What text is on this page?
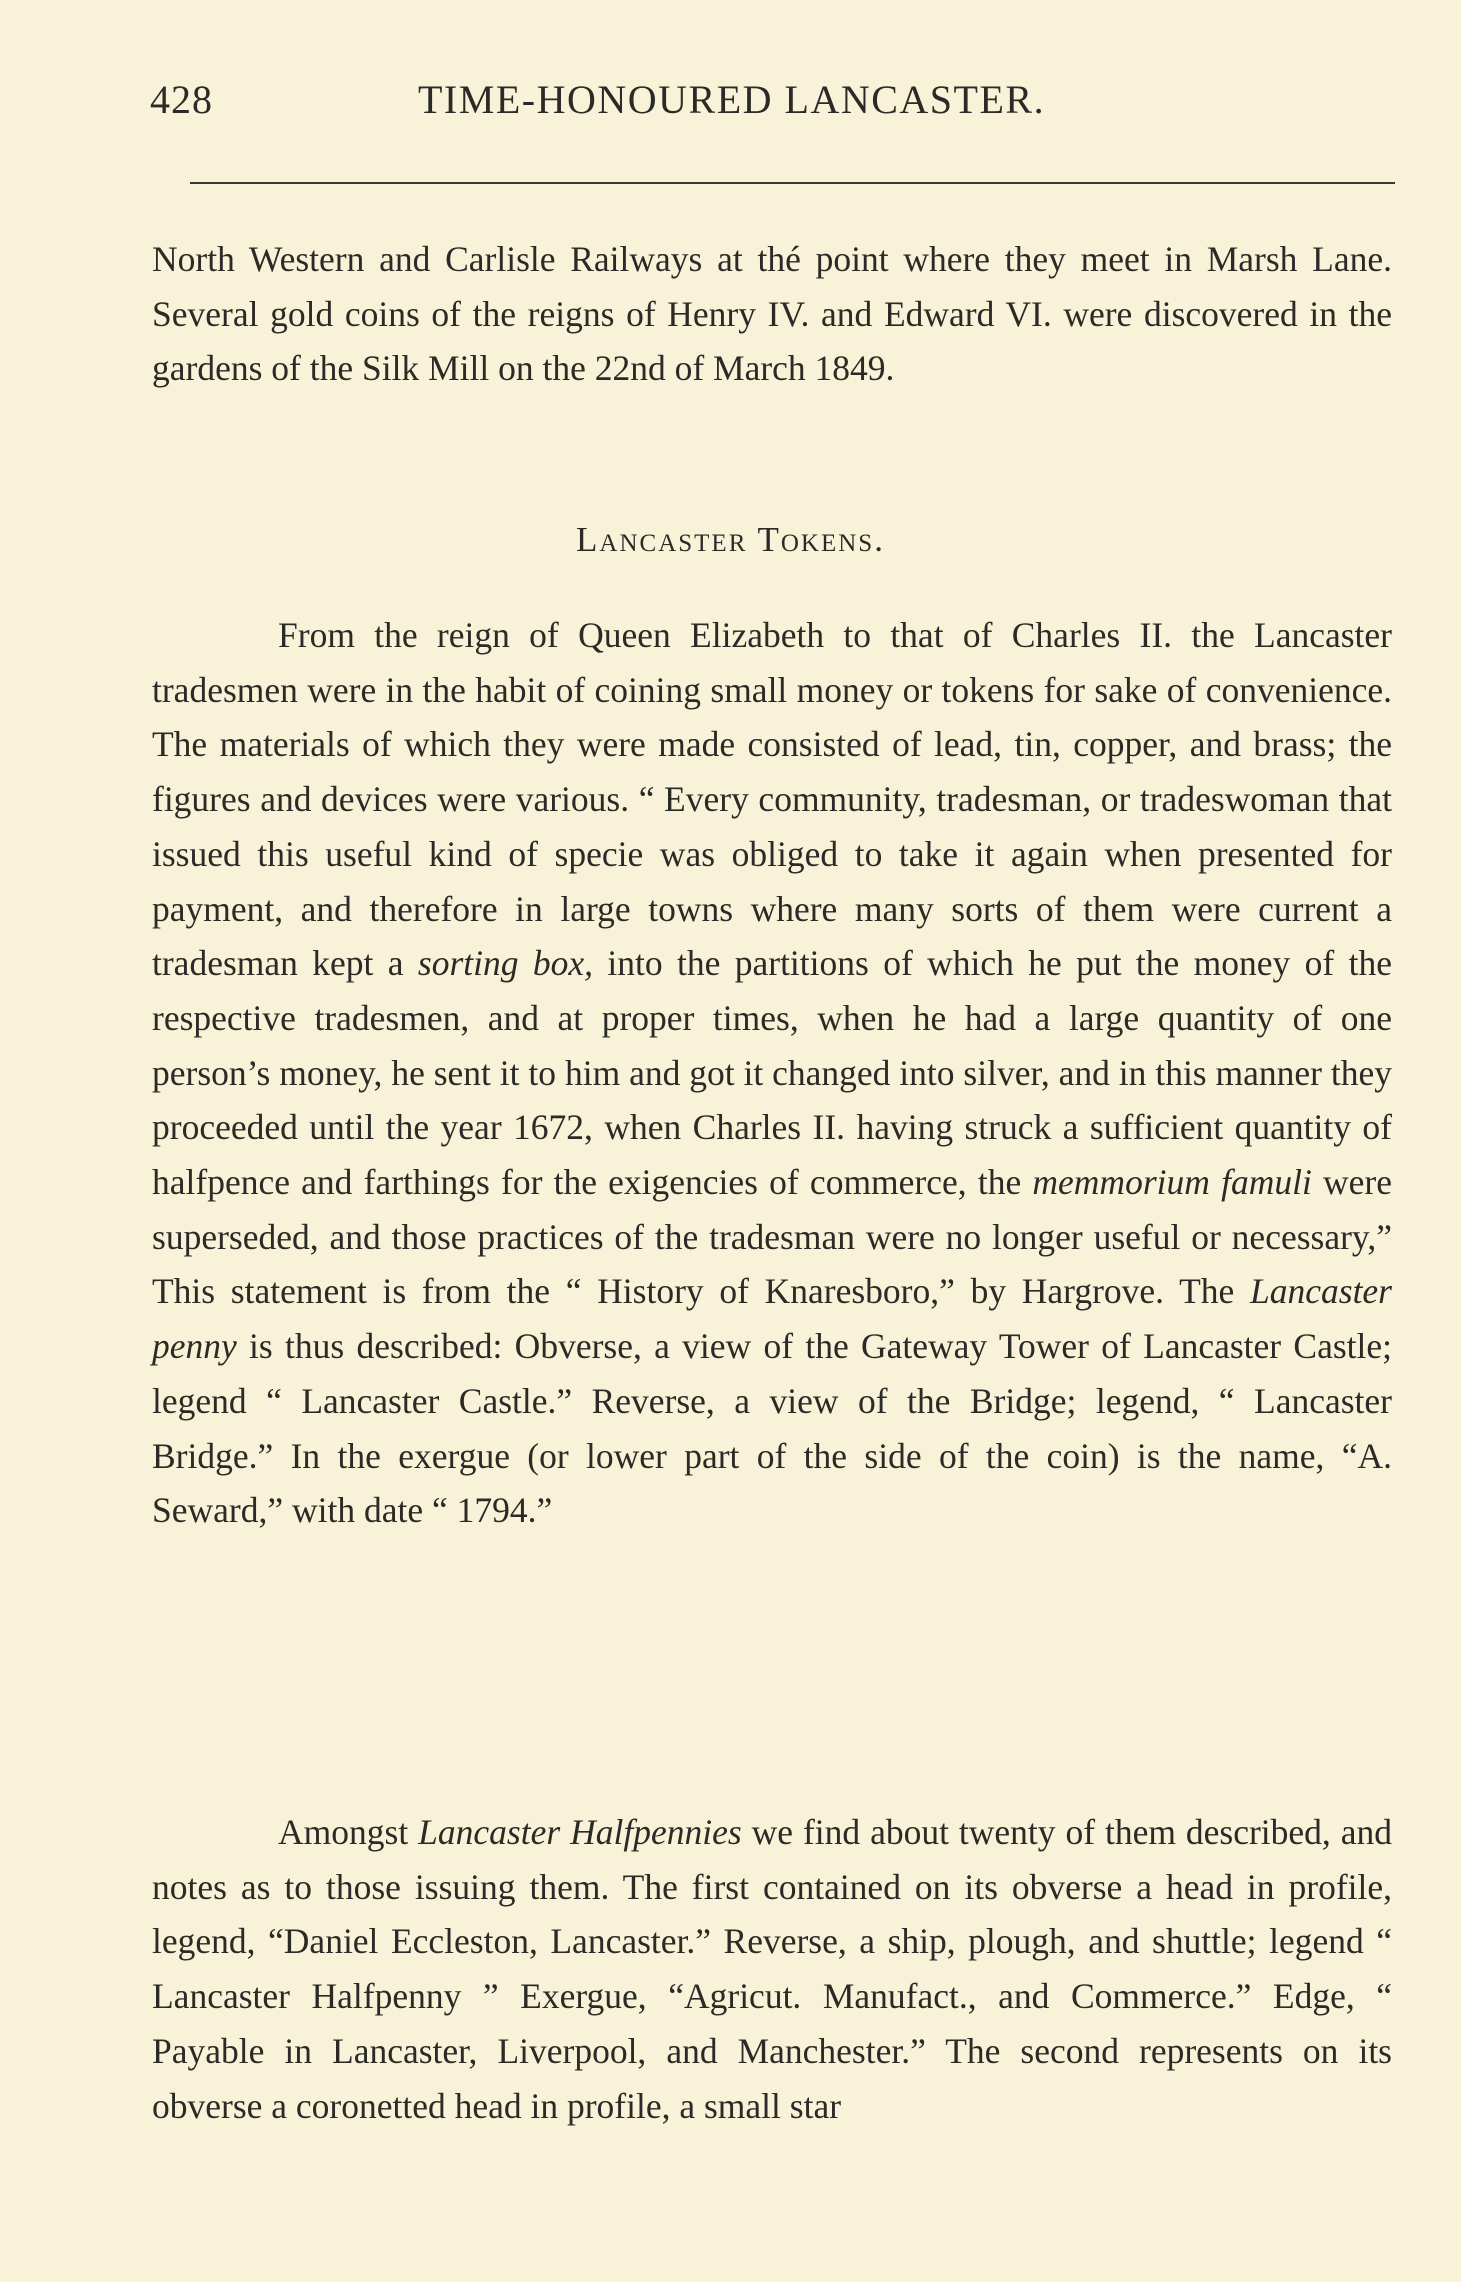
428	TIME-HONOURED LANCASTER.

North Western and Carlisle Railways at thé point where they meet in Marsh Lane. Several gold coins of the reigns of Henry IV. and Edward VI. were discovered in the gardens of the Silk Mill on the 22nd of March 1849.

Lancaster Tokens.

From the reign of Queen Elizabeth to that of Charles II. the Lancaster tradesmen were in the habit of coining small money or tokens for sake of convenience. The materials of which they were made consisted of lead, tin, copper, and brass; the figures and devices were various. “ Every community, tradesman, or tradeswoman that issued this useful kind of specie was obliged to take it again when presented for payment, and therefore in large towns where many sorts of them were current a tradesman kept a sorting box, into the partitions of which he put the money of the respective tradesmen, and at proper times, when he had a large quantity of one person’s money, he sent it to him and got it changed into silver, and in this manner they proceeded until the year 1672, when Charles II. having struck a sufficient quantity of halfpence and farthings for the exigencies of commerce, the memmorium famuli were superseded, and those practices of the tradesman were no longer useful or necessary,” This statement is from the “ History of Knaresboro,” by Hargrove. The Lancaster penny is thus described: Obverse, a view of the Gateway Tower of Lancaster Castle; legend “ Lancaster Castle.” Reverse, a view of the Bridge; legend, “ Lancaster Bridge.” In the exergue (or lower part of the side of the coin) is the name, “A. Seward,” with date “ 1794.”

Amongst Lancaster Halfpennies we find about twenty of them described, and notes as to those issuing them. The first contained on its obverse a head in profile, legend, “Daniel Eccleston, Lancaster.” Reverse, a ship, plough, and shuttle; legend “ Lancaster Halfpenny ” Exergue, “Agricut. Manufact., and Commerce.” Edge, “ Payable in Lancaster, Liverpool, and Manchester.” The second represents on its obverse a coronetted head in profile, a small star
